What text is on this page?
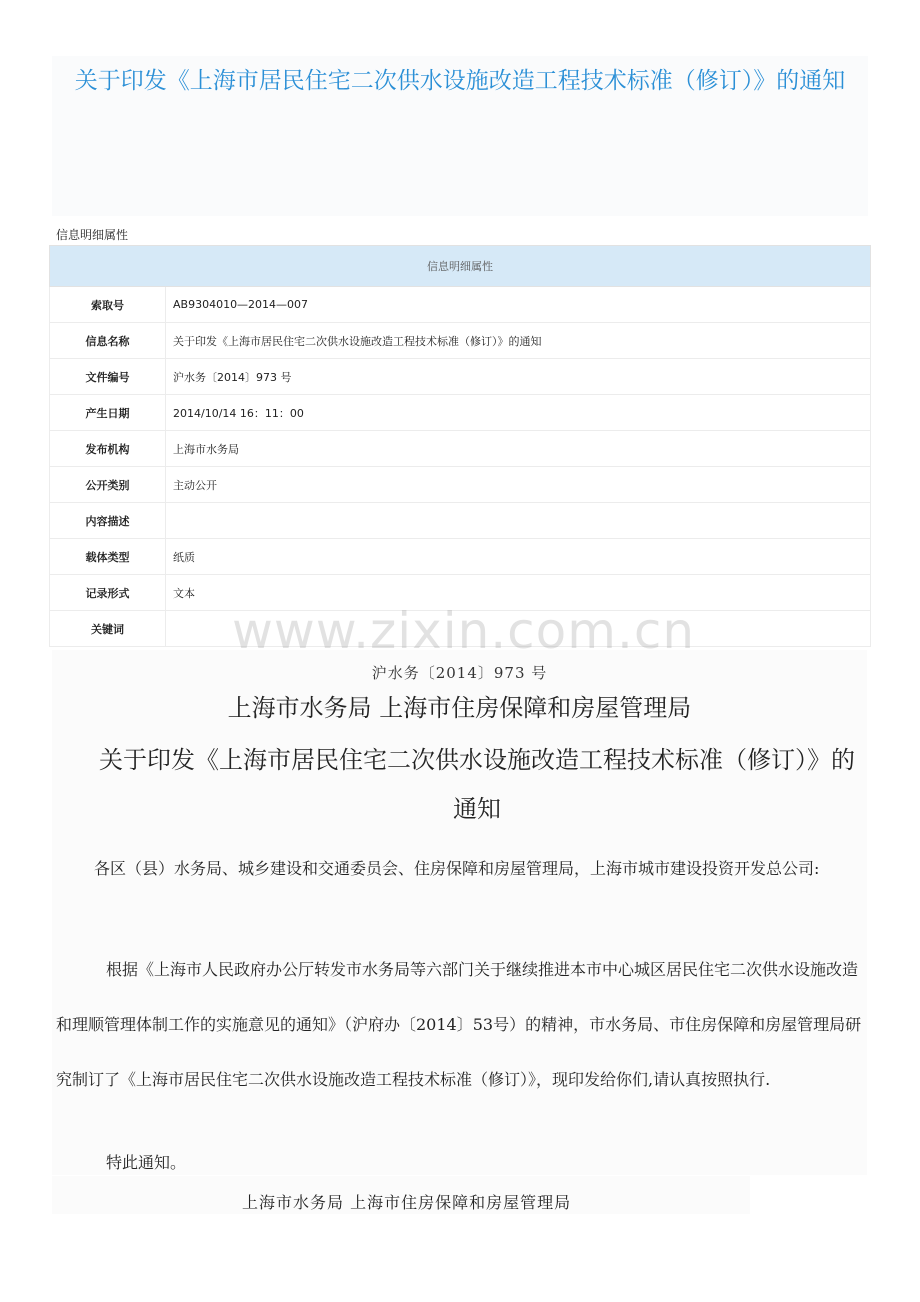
关于印发《上海市居民住宅二次供水设施改造工程技术标准（修订）》的通知
信息明细属性
信息明细属性	
索取号	AB9304010—2014—007
信息名称	关于印发《上海市居民住宅二次供水设施改造工程技术标准（修订）》的通知
文件编号	沪水务〔2014〕973 号
产生日期	2014/10/14 16：11：00
发布机构	上海市水务局
公开类别	主动公开
内容描述	
载体类型	纸质
记录形式	文本
关键词	
沪水务〔2014〕973 号
上海市水务局 上海市住房保障和房屋管理局
关于印发《上海市居民住宅二次供水设施改造工程技术标准（修订）》的通知
各区（县）水务局、城乡建设和交通委员会、住房保障和房屋管理局，上海市城市建设投资开发总公司:
根据《上海市人民政府办公厅转发市水务局等六部门关于继续推进本市中心城区居民住宅二次供水设施改造和理顺管理体制工作的实施意见的通知》（沪府办〔2014〕53号）的精神，市水务局、市住房保障和房屋管理局研究制订了《上海市居民住宅二次供水设施改造工程技术标准（修订）》，现印发给你们,请认真按照执行.
特此通知。
上海市水务局 上海市住房保障和房屋管理局
www.zixin.com.cn
